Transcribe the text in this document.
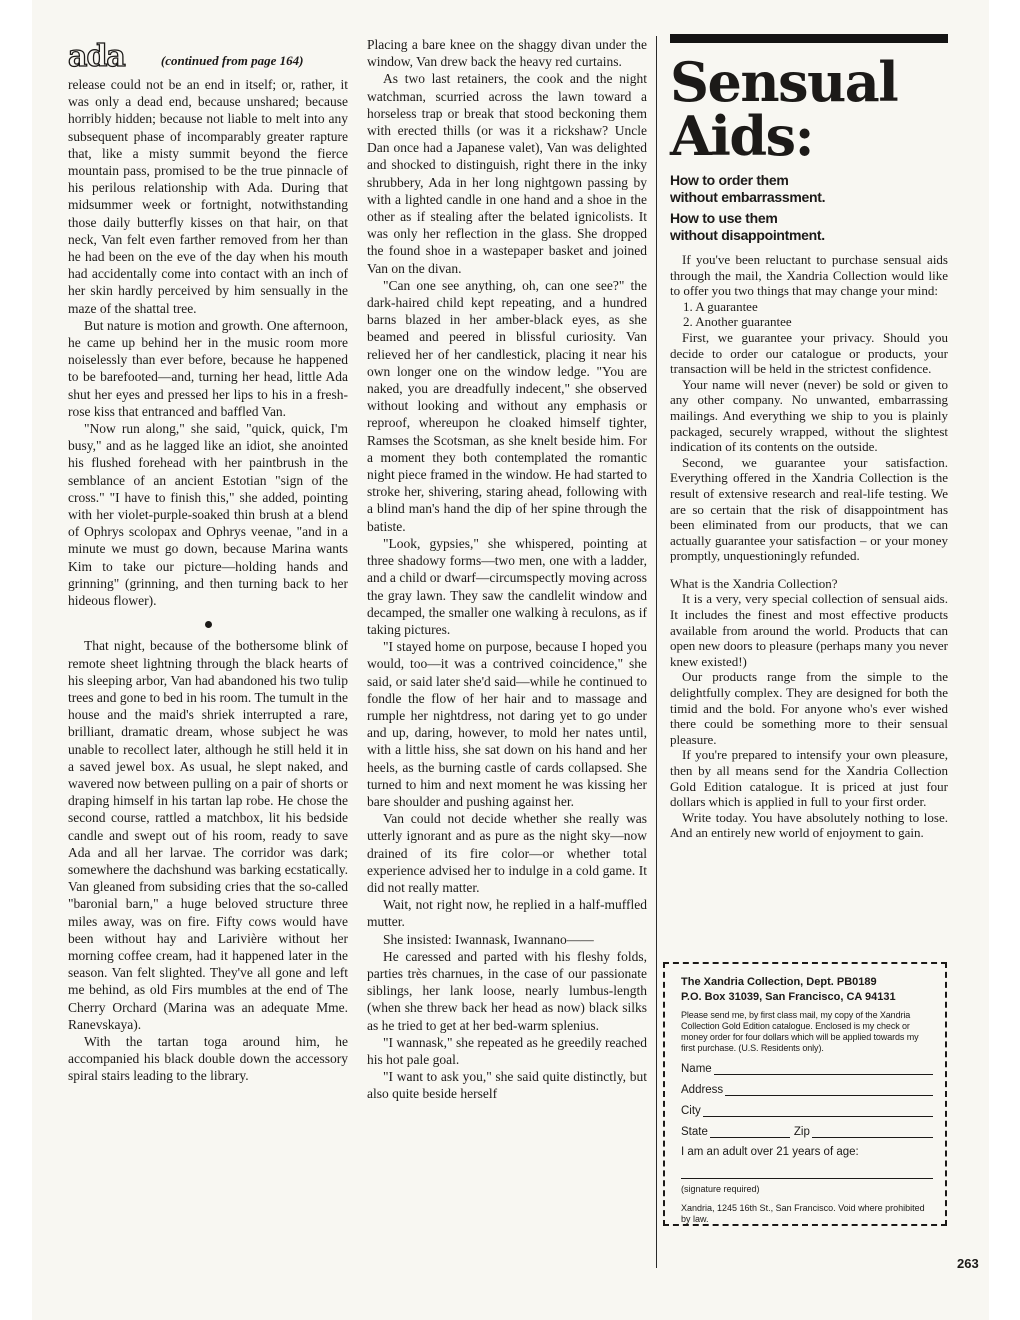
ada	(continued from page 164)

release could not be an end in itself; or, rather, it was only a dead end, because unshared; because horribly hidden; because not liable to melt into any subsequent phase of incomparably greater rapture that, like a misty summit beyond the fierce mountain pass, promised to be the true pinnacle of his perilous relationship with Ada. During that midsummer week or fortnight, notwithstanding those daily butterfly kisses on that hair, on that neck, Van felt even farther removed from her than he had been on the eve of the day when his mouth had accidentally come into contact with an inch of her skin hardly perceived by him sensually in the maze of the shattal tree.

But nature is motion and growth. One afternoon, he came up behind her in the music room more noiselessly than ever before, because he happened to be barefooted—and, turning her head, little Ada shut her eyes and pressed her lips to his in a fresh-rose kiss that entranced and baffled Van.

"Now run along," she said, "quick, quick, I'm busy," and as he lagged like an idiot, she anointed his flushed forehead with her paintbrush in the semblance of an ancient Estotian "sign of the cross." "I have to finish this," she added, pointing with her violet-purple-soaked thin brush at a blend of Ophrys scolopax and Ophrys veenae, "and in a minute we must go down, because Marina wants Kim to take our picture—holding hands and grinning" (grinning, and then turning back to her hideous flower).

That night, because of the bothersome blink of remote sheet lightning through the black hearts of his sleeping arbor, Van had abandoned his two tulip trees and gone to bed in his room. The tumult in the house and the maid's shriek interrupted a rare, brilliant, dramatic dream, whose subject he was unable to recollect later, although he still held it in a saved jewel box. As usual, he slept naked, and wavered now between pulling on a pair of shorts or draping himself in his tartan lap robe. He chose the second course, rattled a matchbox, lit his bedside candle and swept out of his room, ready to save Ada and all her larvae. The corridor was dark; somewhere the dachshund was barking ecstatically. Van gleaned from subsiding cries that the so-called "baronial barn," a huge beloved structure three miles away, was on fire. Fifty cows would have been without hay and Larivière without her morning coffee cream, had it happened later in the season. Van felt slighted. They've all gone and left me behind, as old Firs mumbles at the end of The Cherry Orchard (Marina was an adequate Mme. Ranevskaya).

With the tartan toga around him, he accompanied his black double down the accessory spiral stairs leading to the library.

Placing a bare knee on the shaggy divan under the window, Van drew back the heavy red curtains.

As two last retainers, the cook and the night watchman, scurried across the lawn toward a horseless trap or break that stood beckoning them with erected thills (or was it a rickshaw? Uncle Dan once had a Japanese valet), Van was delighted and shocked to distinguish, right there in the inky shrubbery, Ada in her long nightgown passing by with a lighted candle in one hand and a shoe in the other as if stealing after the belated ignicolists. It was only her reflection in the glass. She dropped the found shoe in a wastepaper basket and joined Van on the divan.

"Can one see anything, oh, can one see?" the dark-haired child kept repeating, and a hundred barns blazed in her amber-black eyes, as she beamed and peered in blissful curiosity. Van relieved her of her candlestick, placing it near his own longer one on the window ledge. "You are naked, you are dreadfully indecent," she observed without looking and without any emphasis or reproof, whereupon he cloaked himself tighter, Ramses the Scotsman, as she knelt beside him. For a moment they both contemplated the romantic night piece framed in the window. He had started to stroke her, shivering, staring ahead, following with a blind man's hand the dip of her spine through the batiste.

"Look, gypsies," she whispered, pointing at three shadowy forms—two men, one with a ladder, and a child or dwarf—circumspectly moving across the gray lawn. They saw the candlelit window and decamped, the smaller one walking à reculons, as if taking pictures.

"I stayed home on purpose, because I hoped you would, too—it was a contrived coincidence," she said, or said later she'd said—while he continued to fondle the flow of her hair and to massage and rumple her nightdress, not daring yet to go under and up, daring, however, to mold her nates until, with a little hiss, she sat down on his hand and her heels, as the burning castle of cards collapsed. She turned to him and next moment he was kissing her bare shoulder and pushing against her.

Van could not decide whether she really was utterly ignorant and as pure as the night sky—now drained of its fire color—or whether total experience advised her to indulge in a cold game. It did not really matter.

Wait, not right now, he replied in a half-muffled mutter.

She insisted: Iwannask, Iwannano——

He caressed and parted with his fleshy folds, parties très charnues, in the case of our passionate siblings, her lank loose, nearly lumbus-length (when she threw back her head as now) black silks as he tried to get at her bed-warm splenius.

"I wannask," she repeated as he greedily reached his hot pale goal.

"I want to ask you," she said quite distinctly, but also quite beside herself

Sensual
Aids:
How to order them
without embarrassment.
How to use them
without disappointment.

If you've been reluctant to purchase sensual aids through the mail, the Xandria Collection would like to offer you two things that may change your mind:

1. A guarantee
2. Another guarantee

First, we guarantee your privacy. Should you decide to order our catalogue or products, your transaction will be held in the strictest confidence.

Your name will never (never) be sold or given to any other company. No unwanted, embarrassing mailings. And everything we ship to you is plainly packaged, securely wrapped, without the slightest indication of its contents on the outside.

Second, we guarantee your satisfaction. Everything offered in the Xandria Collection is the result of extensive research and real-life testing. We are so certain that the risk of disappointment has been eliminated from our products, that we can actually guarantee your satisfaction – or your money promptly, unquestioningly refunded.

What is the Xandria Collection?

It is a very, very special collection of sensual aids. It includes the finest and most effective products available from around the world. Products that can open new doors to pleasure (perhaps many you never knew existed!)

Our products range from the simple to the delightfully complex. They are designed for both the timid and the bold. For anyone who's ever wished there could be something more to their sensual pleasure.

If you're prepared to intensify your own pleasure, then by all means send for the Xandria Collection Gold Edition catalogue. It is priced at just four dollars which is applied in full to your first order.

Write today. You have absolutely nothing to lose. And an entirely new world of enjoyment to gain.

The Xandria Collection, Dept. PB0189
P.O. Box 31039, San Francisco, CA 94131
Please send me, by first class mail, my copy of the Xandria Collection Gold Edition catalogue. Enclosed is my check or money order for four dollars which will be applied towards my first purchase. (U.S. Residents only).
Name
Address
City
State	Zip
I am an adult over 21 years of age:
(signature required)
Xandria, 1245 16th St., San Francisco. Void where prohibited by law.
263
